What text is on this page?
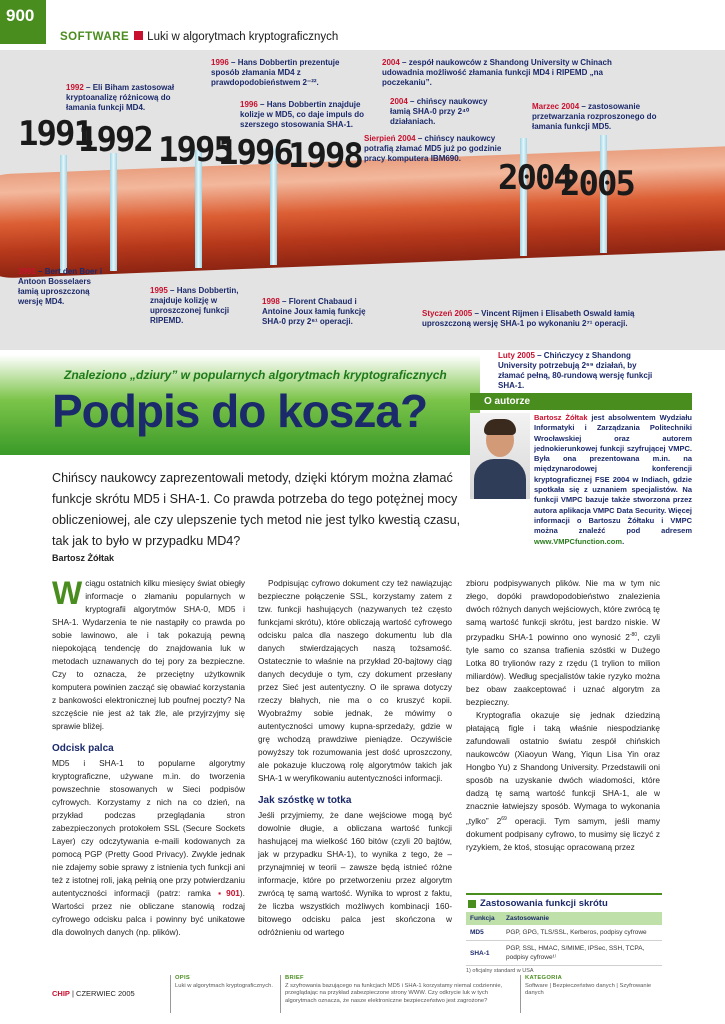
900
SOFTWARE Luki w algorytmach kryptograficznych
1991
1992 1995
1996
1998
2004
2005
1992 – Eli Biham zastosował kryptoanalizę różnicową do łamania funkcji MD4.
1996 – Hans Dobbertin prezentuje sposób złamania MD4 z prawdopodobieństwem 2⁻²².
1996 – Hans Dobbertin znajduje kolizje w MD5, co daje impuls do szerszego stosowania SHA-1.
2004 – zespół naukowców z Shandong University w Chinach udowadnia możliwość złamania funkcji MD4 i RIPEMD „na poczekaniu”.
2004 – chińscy naukowcy łamią SHA-0 przy 2⁴⁰ działaniach.
Marzec 2004 – zastosowanie przetwarzania rozproszonego do łamania funkcji MD5.
Sierpień 2004 – chińscy naukowcy potrafią złamać MD5 już po godzinie pracy komputera IBM690.
1991 – Bert den Boer i Antoon Bosselaers łamią uproszczoną wersję MD4.
1995 – Hans Dobbertin, znajduje kolizję w uproszczonej funkcji RIPEMD.
1998 – Florent Chabaud i Antoine Joux łamią funkcję SHA-0 przy 2⁶¹ operacji.
Styczeń 2005 – Vincent Rijmen i Elisabeth Oswald łamią uproszczoną wersję SHA-1 po wykonaniu 2⁷¹ operacji.
Luty 2005 – Chińczycy z Shandong University potrzebują 2⁶⁹ działań, by złamać pełną, 80-rundową wersję funkcji SHA-1.
Znaleziono „dziury” w popularnych algorytmach kryptograficznych
Podpis do kosza?
Chińscy naukowcy zaprezentowali metody, dzięki którym można złamać funkcje skrótu MD5 i SHA-1. Co prawda potrzeba do tego potężnej mocy obliczeniowej, ale czy ulepszenie tych metod nie jest tylko kwestią czasu, tak jak to było w przypadku MD4?
Bartosz Żółtak
O autorze
Bartosz Żółtak jest absolwentem Wydziału Informatyki i Zarządzania Politechniki Wrocławskiej oraz autorem jednokierunkowej funkcji szyfrującej VMPC. Była ona prezentowana m.in. na międzynarodowej konferencji kryptograficznej FSE 2004 w Indiach, gdzie spotkała się z uznaniem specjalistów. Na funkcji VMPC bazuje także stworzona przez autora aplikacja VMPC Data Security. Więcej informacji o Bartoszu Żółtaku i VMPC można znaleźć pod adresem www.VMPCfunction.com.

Wciągu ostatnich kilku miesięcy świat obiegły informacje o złamaniu popularnych w kryptografii algorytmów SHA-0, MD5 i SHA-1. Wydarzenia te nie nastąpiły co prawda po sobie lawinowo, ale i tak pokazują pewną niepokojącą tendencję do znajdowania luk w metodach uznawanych do tej pory za bezpieczne. Czy to oznacza, że przeciętny użytkownik komputera powinien zacząć się obawiać korzystania z bankowości elektronicznej lub poufnej poczty? Na szczęście nie jest aż tak źle, ale przyjrzyjmy się sprawie bliżej.

Odcisk palca

MD5 i SHA-1 to popularne algorytmy kryptograficzne, używane m.in. do tworzenia powszechnie stosowanych w Sieci podpisów cyfrowych. Korzystamy z nich na co dzień, na przykład podczas przeglądania stron zabezpieczonych protokołem SSL (Secure Sockets Layer) czy odczytywania e-maili kodowanych za pomocą PGP (Pretty Good Privacy). Zwykle jednak nie zdajemy sobie sprawy z istnienia tych funkcji ani też z istotnej roli, jaką pełnią one przy potwierdzaniu autentyczności informacji (patrz: ramka ▪901). Wartości przez nie obliczane stanowią rodzaj cyfrowego odcisku palca i powinny być unikatowe dla dowolnych danych (np. plików).

Podpisując cyfrowo dokument czy też nawiązując bezpieczne połączenie SSL, korzystamy zatem z tzw. funkcji hashujących (nazywanych też często funkcjami skrótu), które obliczają wartość cyfrowego odcisku palca dla naszego dokumentu lub dla danych stwierdzających naszą tożsamość. Ostatecznie to właśnie na przykład 20-bajtowy ciąg danych decyduje o tym, czy dokument przesłany przez Sieć jest autentyczny. O ile sprawa dotyczy rzeczy błahych, nie ma o co kruszyć kopii. Wyobraźmy sobie jednak, że mówimy o autentyczności umowy kupna-sprzedaży, gdzie w grę wchodzą prawdziwe pieniądze. Oczywiście powyższy tok rozumowania jest dość uproszczony, ale pokazuje kluczową rolę algorytmów takich jak SHA-1 w weryfikowaniu autentyczności informacji.

Jak szóstkę w totka

Jeśli przyjmiemy, że dane wejściowe mogą być dowolnie długie, a obliczana wartość funkcji hashującej ma wielkość 160 bitów (czyli 20 bajtów, jak w przypadku SHA-1), to wynika z tego, że – przynajmniej w teorii – zawsze będą istnieć różne informacje, które po przetworzeniu przez algorytm zwrócą tę samą wartość. Wynika to wprost z faktu, że liczba wszystkich możliwych kombinacji 160-bitowego odcisku palca jest skończona w odróżnieniu od wartego

zbioru podpisywanych plików. Nie ma w tym nic złego, dopóki prawdopodobieństwo znalezienia dwóch różnych danych wejściowych, które zwrócą tę samą wartość funkcji skrótu, jest bardzo niskie. W przypadku SHA-1 powinno ono wynosić $2^{-80}$, czyli tyle samo co szansa trafienia szóstki w Dużego Lotka 80 trylionów razy z rzędu (1 trylion to milion miliardów). Według specjalistów takie ryzyko można bez obaw zaakceptować i uznać algorytm za bezpieczny.

Kryptografia okazuje się jednak dziedziną płatającą figle i taką właśnie niespodziankę zafundowali ostatnio światu zespół chińskich naukowców (Xiaoyun Wang, Yiqun Lisa Yin oraz Hongbo Yu) z Shandong University. Przedstawili oni sposób na uzyskanie dwóch wiadomości, które dadzą tę samą wartość funkcji SHA-1, ale w znacznie łatwiejszy sposób. Wymaga to wykonania „tylko” $2^{69}$ operacji. Tym samym, jeśli mamy dokument podpisany cyfrowo, to musimy się liczyć z ryzykiem, że ktoś, stosując opracowaną przez

Zastosowania funkcji skrótu
Funkcja	Zastosowanie
MD5	PGP, GPG, TLS/SSL, Kerberos, podpisy cyfrowe
SHA-1	PGP, SSL, HMAC, S/MIME, IPSec, SSH, TCPA, podpisy cyfrowe¹⁾
1) oficjalny standard w USA
CHIP | CZERWIEC 2005
OPIS
Luki w algorytmach kryptograficznych.
BRIEF
Z szyfrowania bazującego na funkcjach MD5 i SHA-1 korzystamy niemal codziennie, przeglądając na przykład zabezpieczone strony WWW. Czy odkrycie luk w tych algorytmach oznacza, że nasze elektroniczne bezpieczeństwo jest zagrożone?
KATEGORIA
Software | Bezpieczeństwo danych | Szyfrowanie danych
